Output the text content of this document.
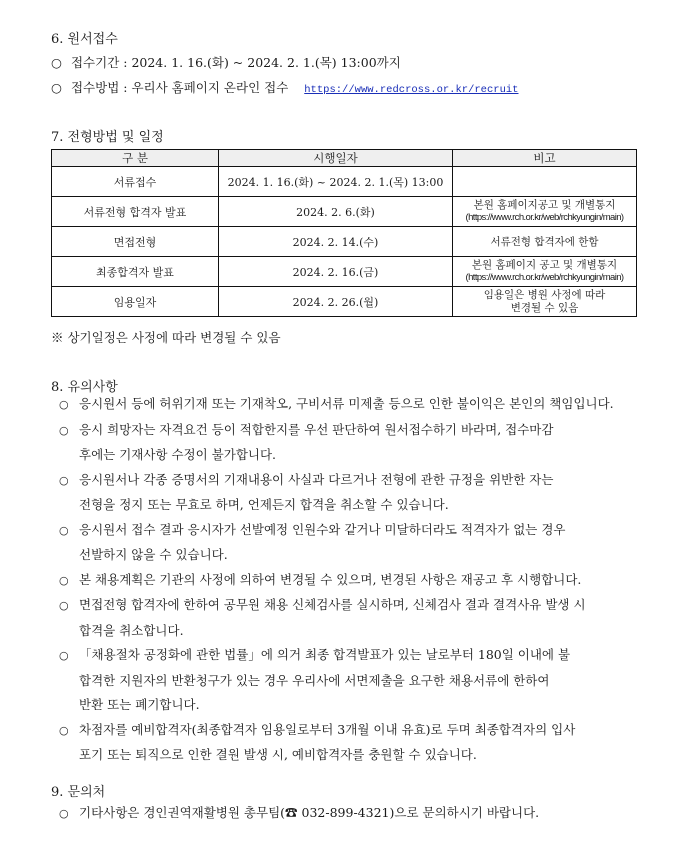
6. 원서접수
○ 접수기간 : 2024. 1. 16.(화) ~ 2024. 2. 1.(목) 13:00까지
○ 접수방법 : 우리사 홈페이지 온라인 접수 https://www.redcross.or.kr/recruit
7. 전형방법 및 일정
구 분	시행일자	비고
서류접수	2024. 1. 16.(화) ~ 2024. 2. 1.(목) 13:00	
서류전형 합격자 발표	2024. 2. 6.(화)	본원 홈페이지공고 및 개별통지
(https://www.rch.or.kr/web/rchkyungin/main)

면접전형	2024. 2. 14.(수)	서류전형 합격자에 한함
최종합격자 발표	2024. 2. 16.(금)	본원 홈페이지 공고 및 개별통지
(https://www.rch.or.kr/web/rchkyungin/main)

임용일자	2024. 2. 26.(월)	임용일은 병원 사정에 따라
변경될 수 있음
※ 상기일정은 사정에 따라 변경될 수 있음
8. 유의사항
○ 응시원서 등에 허위기재 또는 기재착오, 구비서류 미제출 등으로 인한 불이익은 본인의 책임입니다.
○ 응시 희망자는 자격요건 등이 적합한지를 우선 판단하여 원서접수하기 바라며, 접수마감
후에는 기재사항 수정이 불가합니다.
○ 응시원서나 각종 증명서의 기재내용이 사실과 다르거나 전형에 관한 규정을 위반한 자는
전형을 정지 또는 무효로 하며, 언제든지 합격을 취소할 수 있습니다.
○ 응시원서 접수 결과 응시자가 선발예정 인원수와 같거나 미달하더라도 적격자가 없는 경우
선발하지 않을 수 있습니다.
○ 본 채용계획은 기관의 사정에 의하여 변경될 수 있으며, 변경된 사항은 재공고 후 시행합니다.
○ 면접전형 합격자에 한하여 공무원 채용 신체검사를 실시하며, 신체검사 결과 결격사유 발생 시
합격을 취소합니다.
○ 「채용절차 공정화에 관한 법률」에 의거 최종 합격발표가 있는 날로부터 180일 이내에 불
합격한 지원자의 반환청구가 있는 경우 우리사에 서면제출을 요구한 채용서류에 한하여
반환 또는 폐기합니다.
○ 차점자를 예비합격자(최종합격자 임용일로부터 3개월 이내 유효)로 두며 최종합격자의 입사
포기 또는 퇴직으로 인한 결원 발생 시, 예비합격자를 충원할 수 있습니다.
9. 문의처
○ 기타사항은 경인권역재활병원 총무팀(☎ 032-899-4321)으로 문의하시기 바랍니다.
